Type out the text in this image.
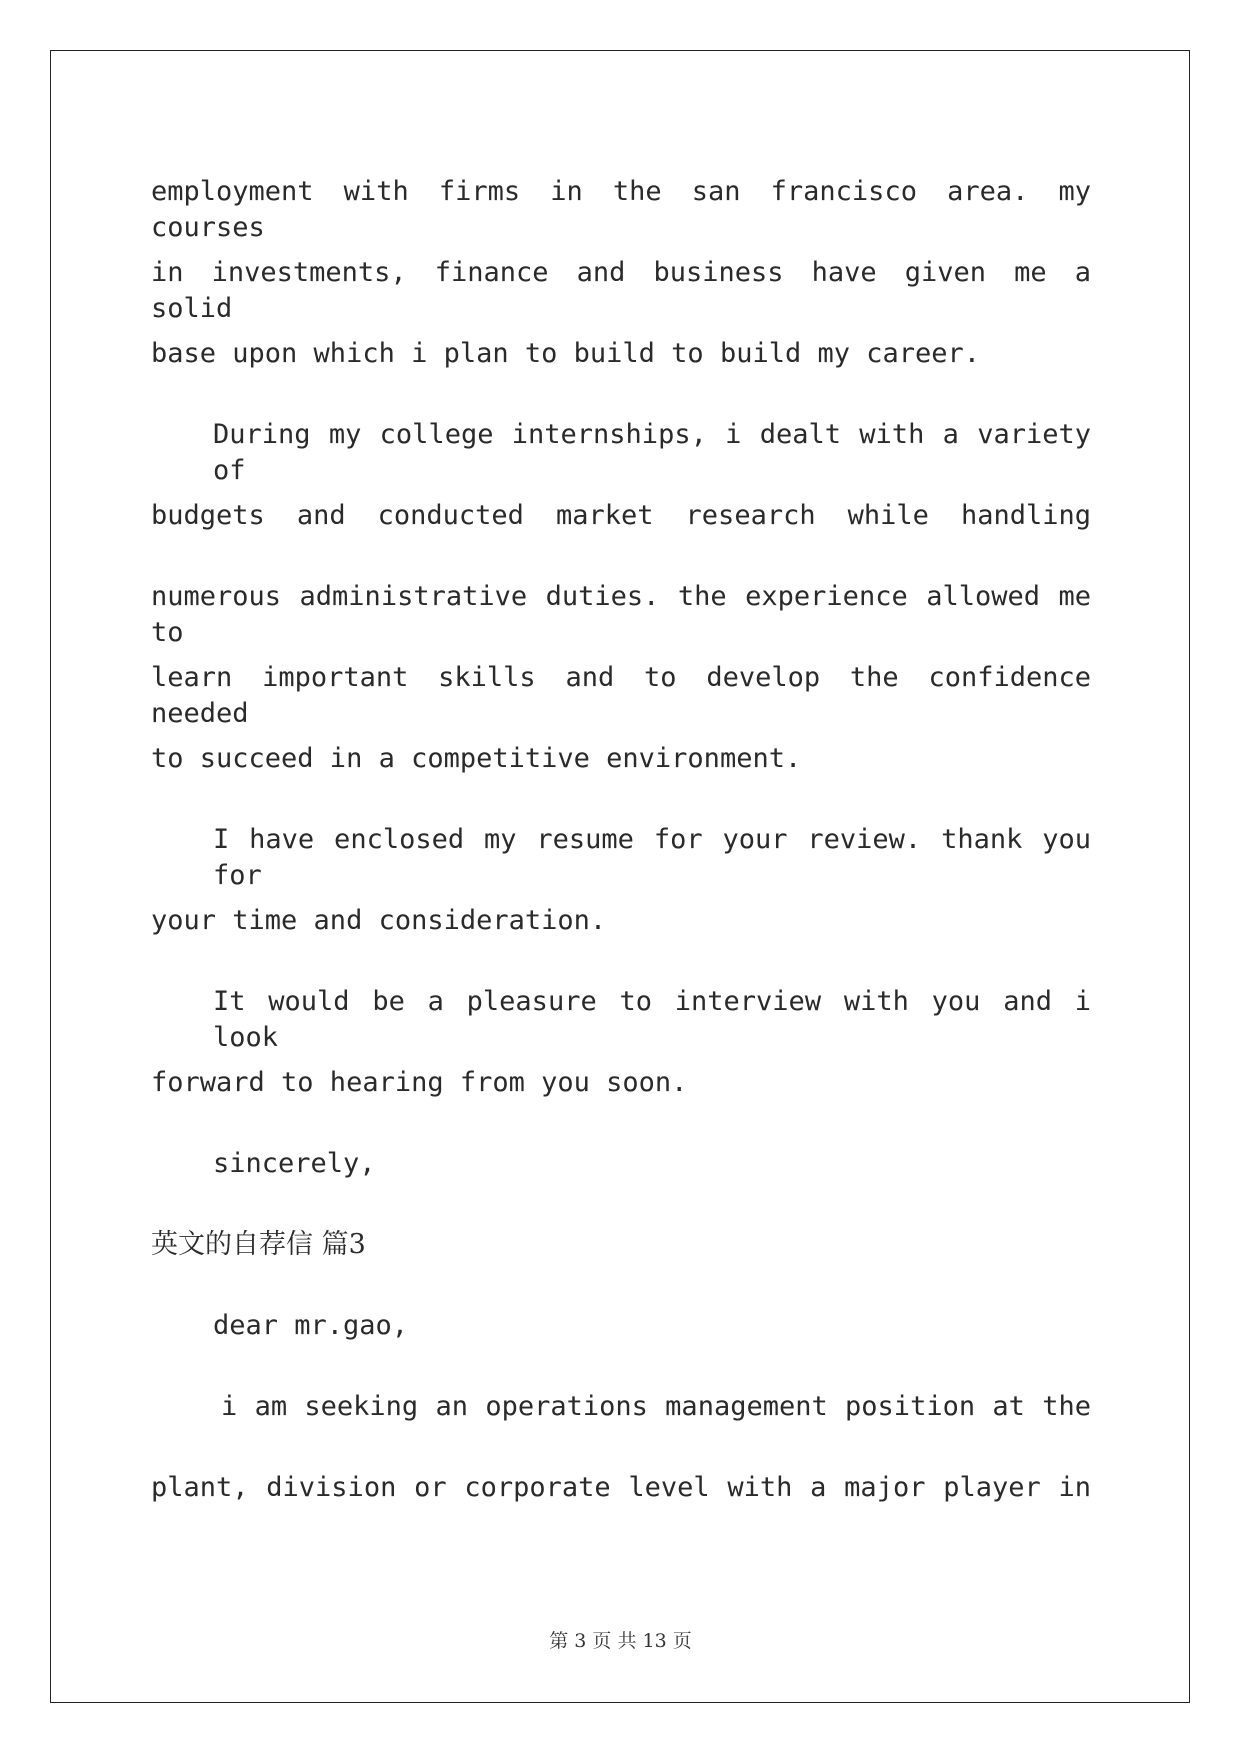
employment with firms in the san francisco area. my courses
in investments, finance and business have given me a solid
base upon which i plan to build to build my career.
During my college internships, i dealt with a variety of
budgets and conducted market research while handling
numerous administrative duties. the experience allowed me to
learn important skills and to develop the confidence needed
to succeed in a competitive environment.
I have enclosed my resume for your review. thank you for
your time and consideration.
It would be a pleasure to interview with you and i look
forward to hearing from you soon.
sincerely,
英文的自荐信 篇3
dear mr.gao,
i am seeking an operations management position at the
plant, division or corporate level with a major player in
第 3 页 共 13 页
